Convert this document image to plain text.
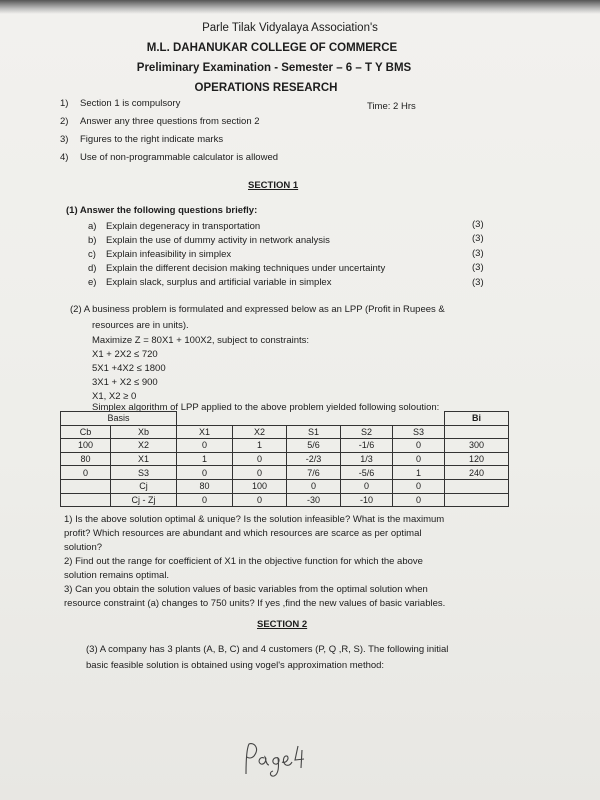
Parle Tilak Vidyalaya Association's
M.L. DAHANUKAR COLLEGE OF COMMERCE
Preliminary Examination - Semester – 6 – T Y BMS
OPERATIONS RESEARCH
1) Section 1 is compulsory	Time: 2 Hrs
2) Answer any three questions from section 2
3) Figures to the right indicate marks
4) Use of non-programmable calculator is allowed
SECTION 1
(1) Answer the following questions briefly:
a) Explain degeneracy in transportation	(3)
b) Explain the use of dummy activity in network analysis	(3)
c) Explain infeasibility in simplex	(3)
d) Explain the different decision making techniques under uncertainty	(3)
e) Explain slack, surplus and artificial variable in simplex	(3)
(2) A business problem is formulated and expressed below as an LPP (Profit in Rupees &
resources are in units).
Maximize Z = 80X1 + 100X2, subject to constraints:
X1 + 2X2 ≤ 720
5X1 +4X2 ≤ 1800
3X1 + X2 ≤ 900
X1, X2 ≥ 0
Simplex algorithm of LPP applied to the above problem yielded following soloution:
Basis							Bi
Cb	Xb	X1	X2	S1	S2	S3	
100	X2	0	1	5/6	-1/6	0	300
80	X1	1	0	-2/3	1/3	0	120
0	S3	0	0	7/6	-5/6	1	240
	Cj	80	100	0	0	0	
	Cj - Zj	0	0	-30	-10	0	
1) Is the above solution optimal & unique? Is the solution infeasible? What is the maximum
profit? Which resources are abundant and which resources are scarce as per optimal
solution?
2) Find out the range for coefficient of X1 in the objective function for which the above
solution remains optimal.
3) Can you obtain the solution values of basic variables from the optimal solution when
resource constraint (a) changes to 750 units? If yes ,find the new values of basic variables.
SECTION 2
(3) A company has 3 plants (A, B, C) and 4 customers (P, Q ,R, S). The following initial
basic feasible solution is obtained using vogel's approximation method:
